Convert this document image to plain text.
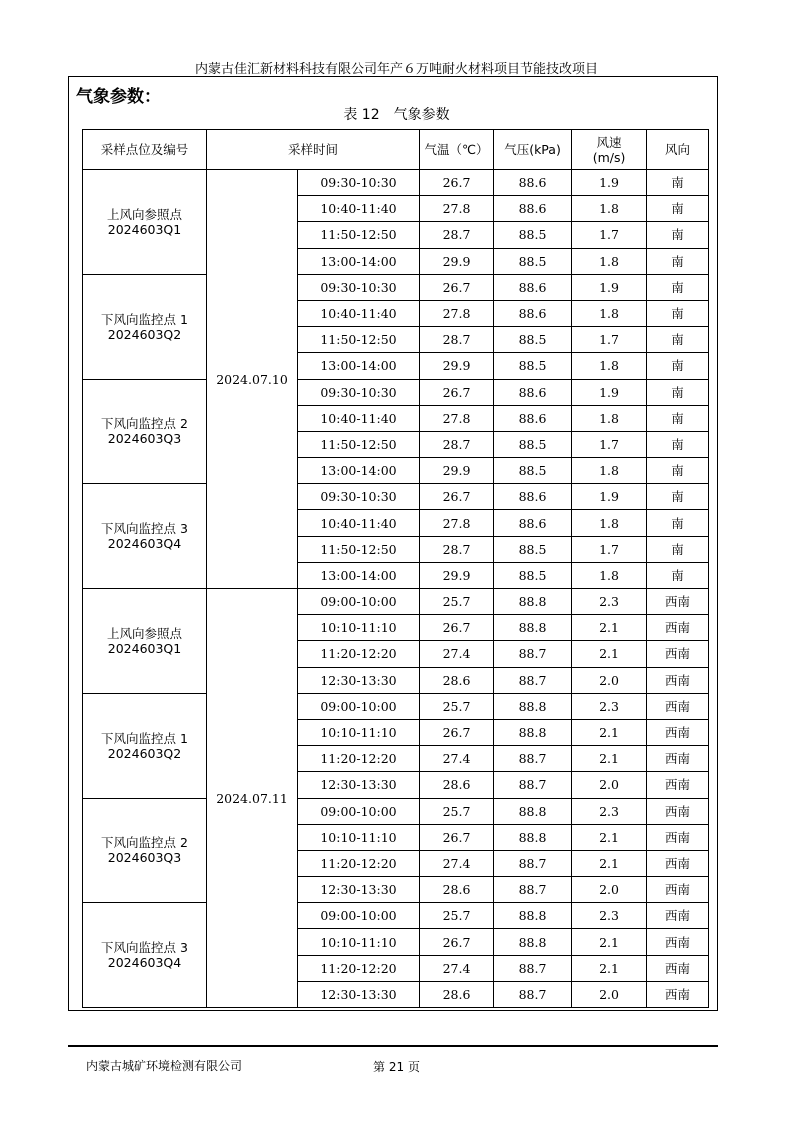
内蒙古佳汇新材料科技有限公司年产６万吨耐火材料项目节能技改项目
气象参数：
表 12　气象参数
采样点位及编号	采样时间		气温（℃）	气压(kPa)	风速
(m/s)	风向

上风向参照点
2024603Q1	2024.07.10	09:30-10:30	26.7	88.6	1.9	南
		10:40-11:40	27.8	88.6	1.8	南
		11:50-12:50	28.7	88.5	1.7	南
		13:00-14:00	29.9	88.5	1.8	南

下风向监控点 1
2024603Q2		09:30-10:30	26.7	88.6	1.9	南
		10:40-11:40	27.8	88.6	1.8	南
		11:50-12:50	28.7	88.5	1.7	南
		13:00-14:00	29.9	88.5	1.8	南

下风向监控点 2
2024603Q3		09:30-10:30	26.7	88.6	1.9	南
		10:40-11:40	27.8	88.6	1.8	南
		11:50-12:50	28.7	88.5	1.7	南
		13:00-14:00	29.9	88.5	1.8	南

下风向监控点 3
2024603Q4		09:30-10:30	26.7	88.6	1.9	南
		10:40-11:40	27.8	88.6	1.8	南
		11:50-12:50	28.7	88.5	1.7	南
		13:00-14:00	29.9	88.5	1.8	南

上风向参照点
2024603Q1	2024.07.11	09:00-10:00	25.7	88.8	2.3	西南
		10:10-11:10	26.7	88.8	2.1	西南
		11:20-12:20	27.4	88.7	2.1	西南
		12:30-13:30	28.6	88.7	2.0	西南

下风向监控点 1
2024603Q2		09:00-10:00	25.7	88.8	2.3	西南
		10:10-11:10	26.7	88.8	2.1	西南
		11:20-12:20	27.4	88.7	2.1	西南
		12:30-13:30	28.6	88.7	2.0	西南

下风向监控点 2
2024603Q3		09:00-10:00	25.7	88.8	2.3	西南
		10:10-11:10	26.7	88.8	2.1	西南
		11:20-12:20	27.4	88.7	2.1	西南
		12:30-13:30	28.6	88.7	2.0	西南

下风向监控点 3
2024603Q4		09:00-10:00	25.7	88.8	2.3	西南
		10:10-11:10	26.7	88.8	2.1	西南
		11:20-12:20	27.4	88.7	2.1	西南
		12:30-13:30	28.6	88.7	2.0	西南
内蒙古城矿环境检测有限公司	第 21 页
